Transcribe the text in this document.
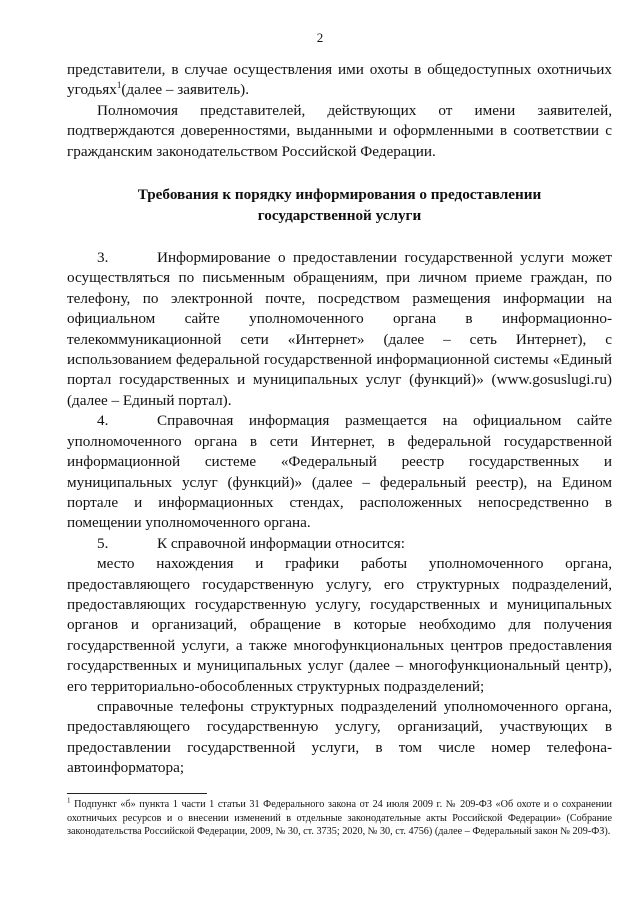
2

представители, в случае осуществления ими охоты в общедоступных охотничьих угодьях$^1$(далее – заявитель).

Полномочия представителей, действующих от имени заявителей, подтверждаются доверенностями, выданными и оформленными в соответствии с гражданским законодательством Российской Федерации.

Требования к порядку информирования о предоставлении
государственной услуги

3.	Информирование о предоставлении государственной услуги может осуществляться по письменным обращениям, при личном приеме граждан, по телефону, по электронной почте, посредством размещения информации на официальном сайте уполномоченного органа в информационно-телекоммуникационной сети «Интернет» (далее – сеть Интернет), с использованием федеральной государственной информационной системы «Единый портал государственных и муниципальных услуг (функций)» (www.gosuslugi.ru) (далее – Единый портал).

4.	Справочная информация размещается на официальном сайте уполномоченного органа в сети Интернет, в федеральной государственной информационной системе «Федеральный реестр государственных и муниципальных услуг (функций)» (далее – федеральный реестр), на Едином портале и информационных стендах, расположенных непосредственно в помещении уполномоченного органа.

5.	К справочной информации относится:

место нахождения и графики работы уполномоченного органа, предоставляющего государственную услугу, его структурных подразделений, предоставляющих государственную услугу, государственных и муниципальных органов и организаций, обращение в которые необходимо для получения государственной услуги, а также многофункциональных центров предоставления государственных и муниципальных услуг (далее – многофункциональный центр), его территориально-обособленных структурных подразделений;

справочные телефоны структурных подразделений уполномоченного органа, предоставляющего государственную услугу, организаций, участвующих в предоставлении государственной услуги, в том числе номер телефона-автоинформатора;

$^1$ Подпункт «б» пункта 1 части 1 статьи 31 Федерального закона от 24 июля 2009 г. № 209-ФЗ «Об охоте и о сохранении охотничьих ресурсов и о внесении изменений в отдельные законодательные акты Российской Федерации» (Собрание законодательства Российской Федерации, 2009, № 30, ст. 3735; 2020, № 30, ст. 4756) (далее – Федеральный закон № 209-ФЗ).
